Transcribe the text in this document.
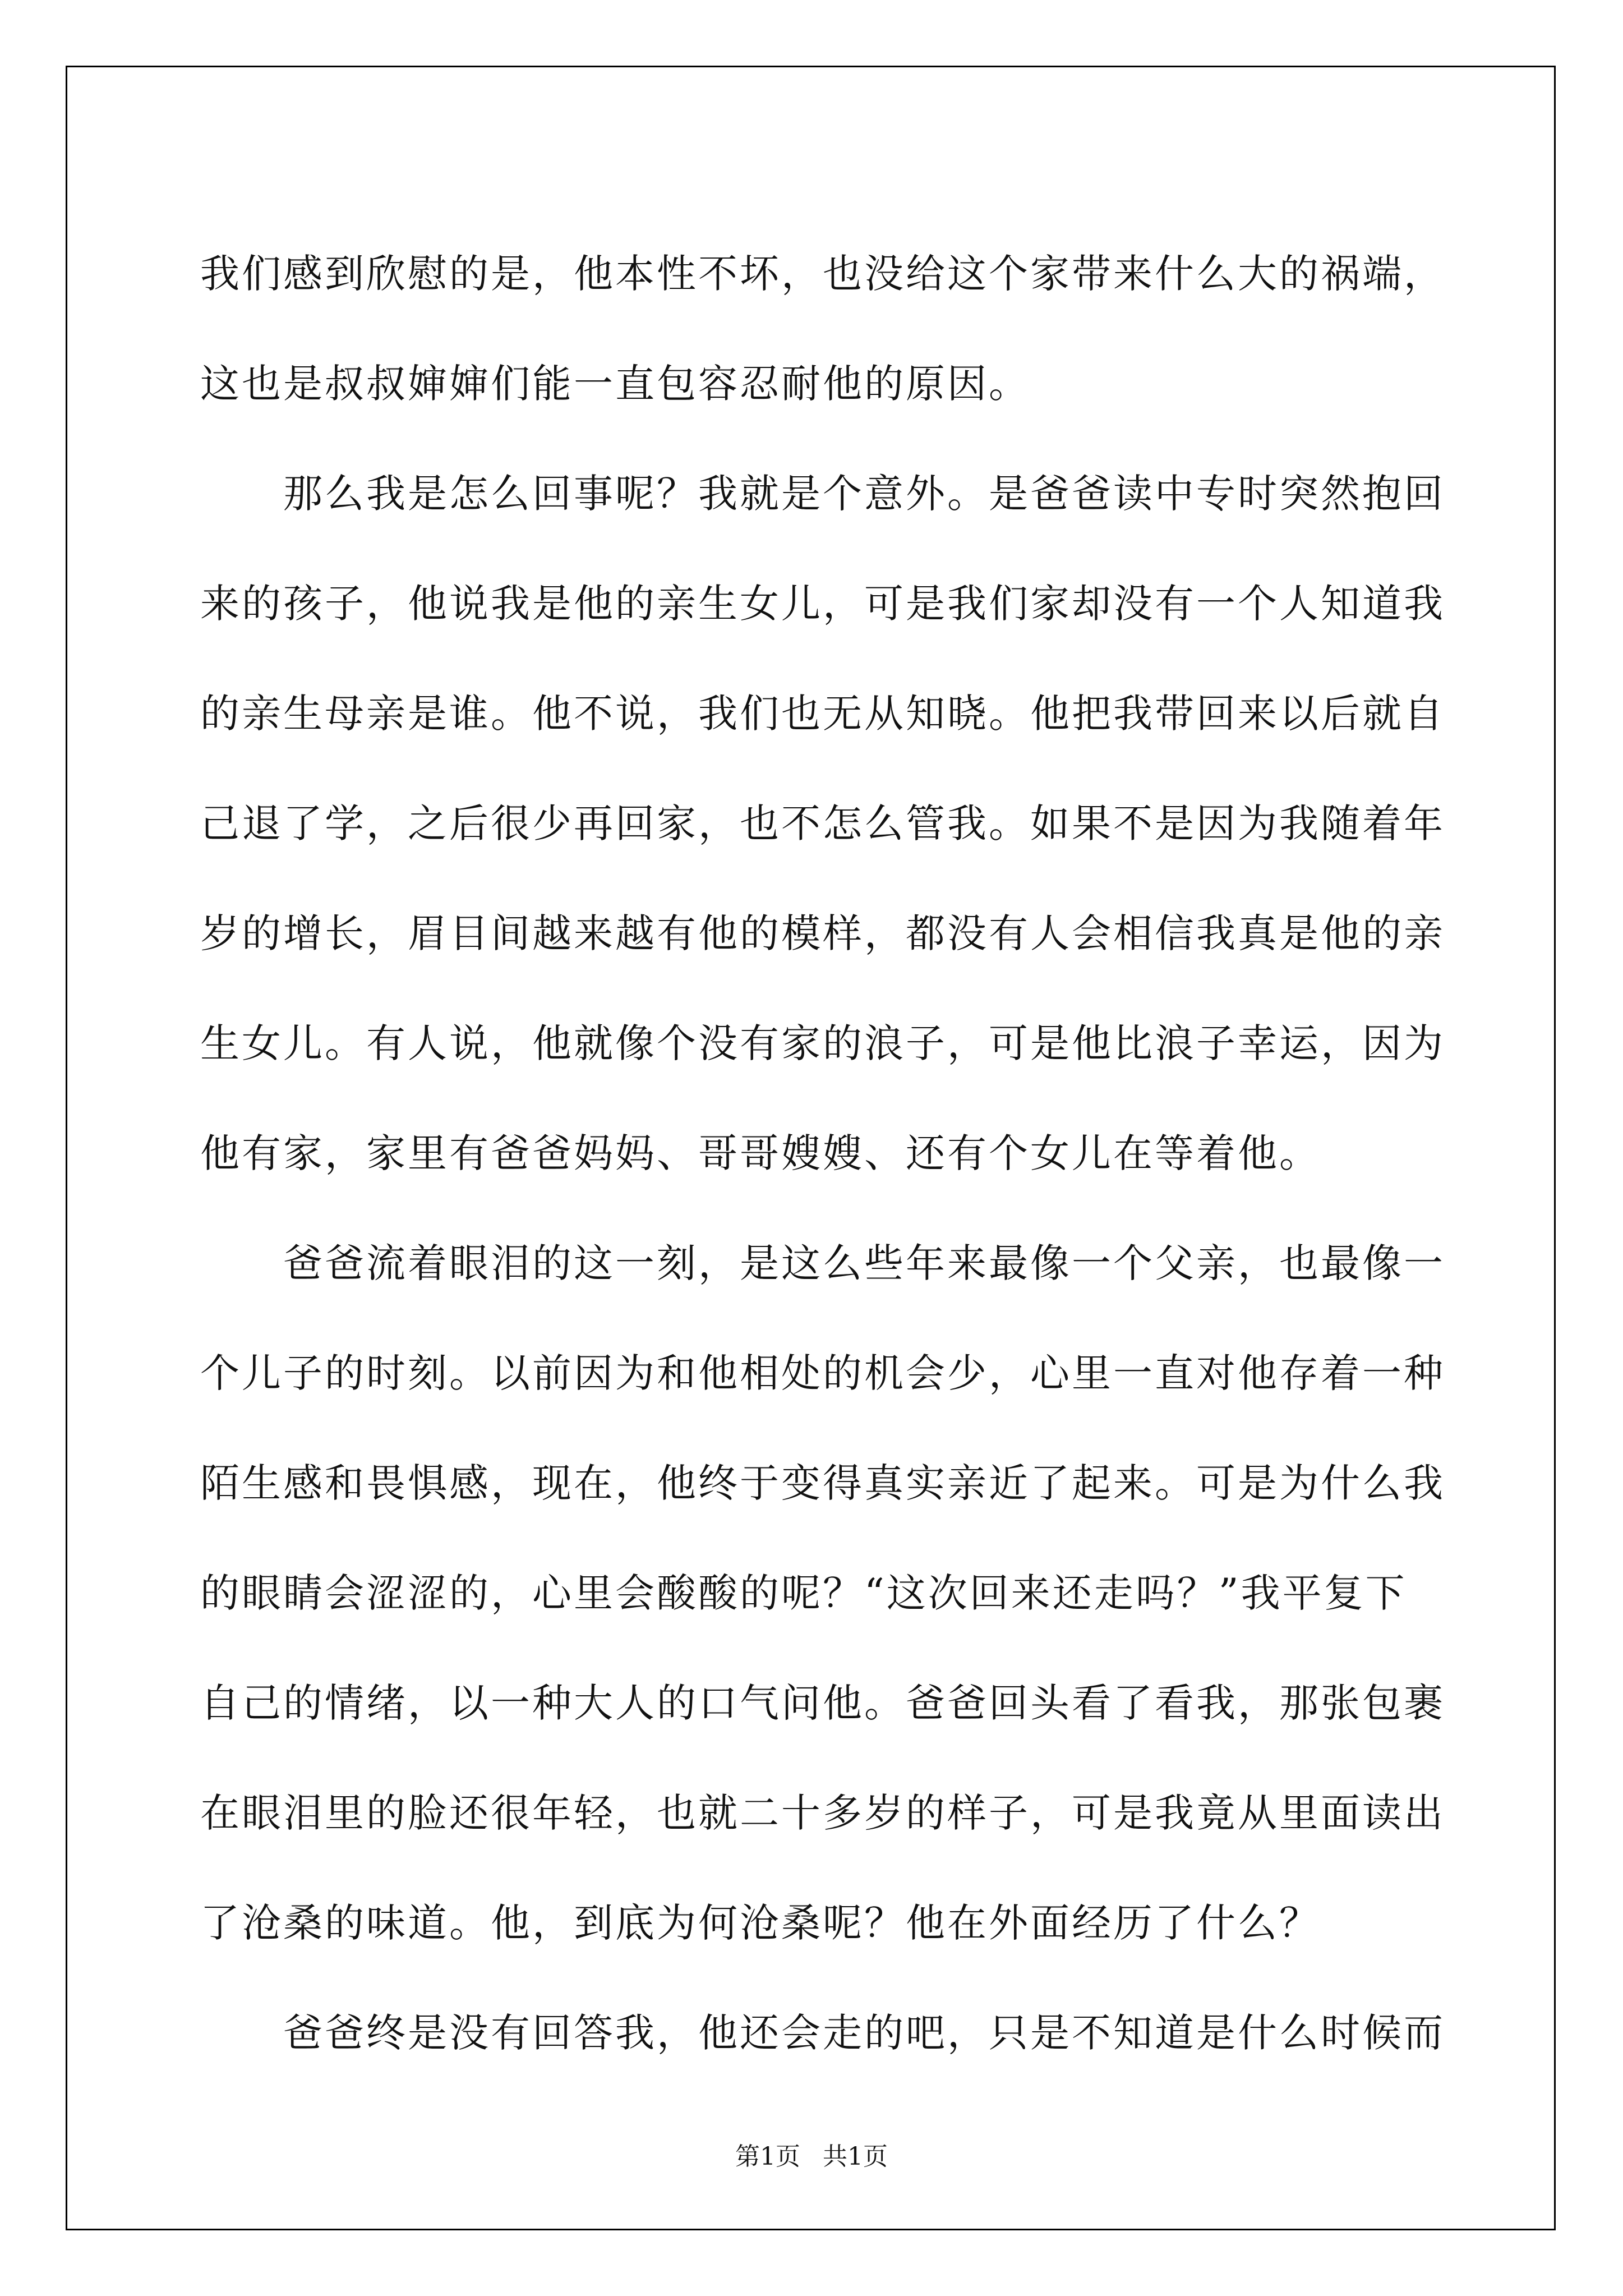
我们感到欣慰的是，他本性不坏，也没给这个家带来什么大的祸端，
这也是叔叔婶婶们能一直包容忍耐他的原因。
　　那么我是怎么回事呢？我就是个意外。是爸爸读中专时突然抱回
来的孩子，他说我是他的亲生女儿，可是我们家却没有一个人知道我
的亲生母亲是谁。他不说，我们也无从知晓。他把我带回来以后就自
己退了学，之后很少再回家，也不怎么管我。如果不是因为我随着年
岁的增长，眉目间越来越有他的模样，都没有人会相信我真是他的亲
生女儿。有人说，他就像个没有家的浪子，可是他比浪子幸运，因为
他有家，家里有爸爸妈妈、哥哥嫂嫂、还有个女儿在等着他。
　　爸爸流着眼泪的这一刻，是这么些年来最像一个父亲，也最像一
个儿子的时刻。以前因为和他相处的机会少，心里一直对他存着一种
陌生感和畏惧感，现在，他终于变得真实亲近了起来。可是为什么我
的眼睛会涩涩的，心里会酸酸的呢？“这次回来还走吗？”我平复下
自己的情绪，以一种大人的口气问他。爸爸回头看了看我，那张包裹
在眼泪里的脸还很年轻，也就二十多岁的样子，可是我竟从里面读出
了沧桑的味道。他，到底为何沧桑呢？他在外面经历了什么？
　　爸爸终是没有回答我，他还会走的吧，只是不知道是什么时候而
第1页 共1页
